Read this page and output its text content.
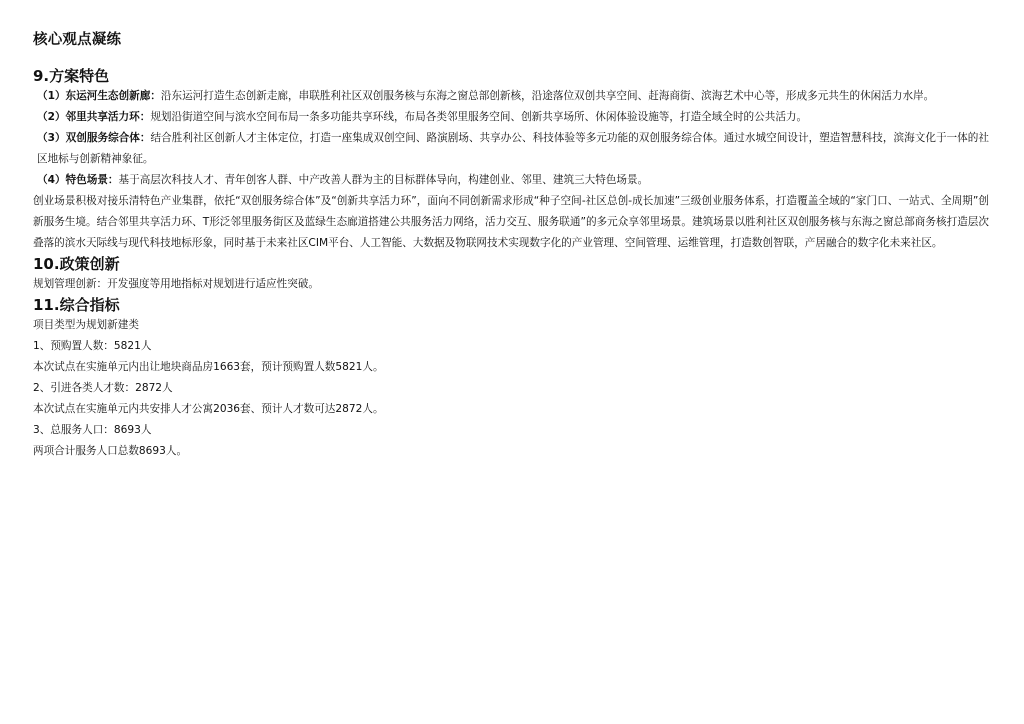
核心观点凝练
9.方案特色

（1）东运河生态创新廊：沿东运河打造生态创新走廊，串联胜利社区双创服务核与东海之窗总部创新核，沿途落位双创共享空间、赶海商街、滨海艺术中心等，形成多元共生的休闲活力水岸。

（2）邻里共享活力环：规划沿街道空间与滨水空间布局一条多功能共享环线，布局各类邻里服务空间、创新共享场所、休闲体验设施等，打造全域全时的公共活力。

（3）双创服务综合体：结合胜利社区创新人才主体定位，打造一座集成双创空间、路演剧场、共享办公、科技体验等多元功能的双创服务综合体。通过水城空间设计，塑造智慧科技，滨海文化于一体的社区地标与创新精神象征。

（4）特色场景：基于高层次科技人才、青年创客人群、中产改善人群为主的目标群体导向，构建创业、邻里、建筑三大特色场景。

创业场景积极对接乐清特色产业集群，依托“双创服务综合体”及“创新共享活力环”，面向不同创新需求形成“种子空间-社区总创-成长加速”三级创业服务体系，打造覆盖全域的“家门口、一站式、全周期”创新服务生境。结合邻里共享活力环、T形泛邻里服务街区及蓝绿生态廊道搭建公共服务活力网络，活力交互、服务联通”的多元众享邻里场景。建筑场景以胜利社区双创服务核与东海之窗总部商务核打造层次叠落的滨水天际线与现代科技地标形象，同时基于未来社区CIM平台、人工智能、大数据及物联网技术实现数字化的产业管理、空间管理、运维管理，打造数创智联，产居融合的数字化未来社区。

10.政策创新

规划管理创新：开发强度等用地指标对规划进行适应性突破。

11.综合指标

项目类型为规划新建类

1、预购置人数：5821人

本次试点在实施单元内出让地块商品房1663套，预计预购置人数5821人。

2、引进各类人才数：2872人

本次试点在实施单元内共安排人才公寓2036套、预计人才数可达2872人。

3、总服务人口：8693人

两项合计服务人口总数8693人。
